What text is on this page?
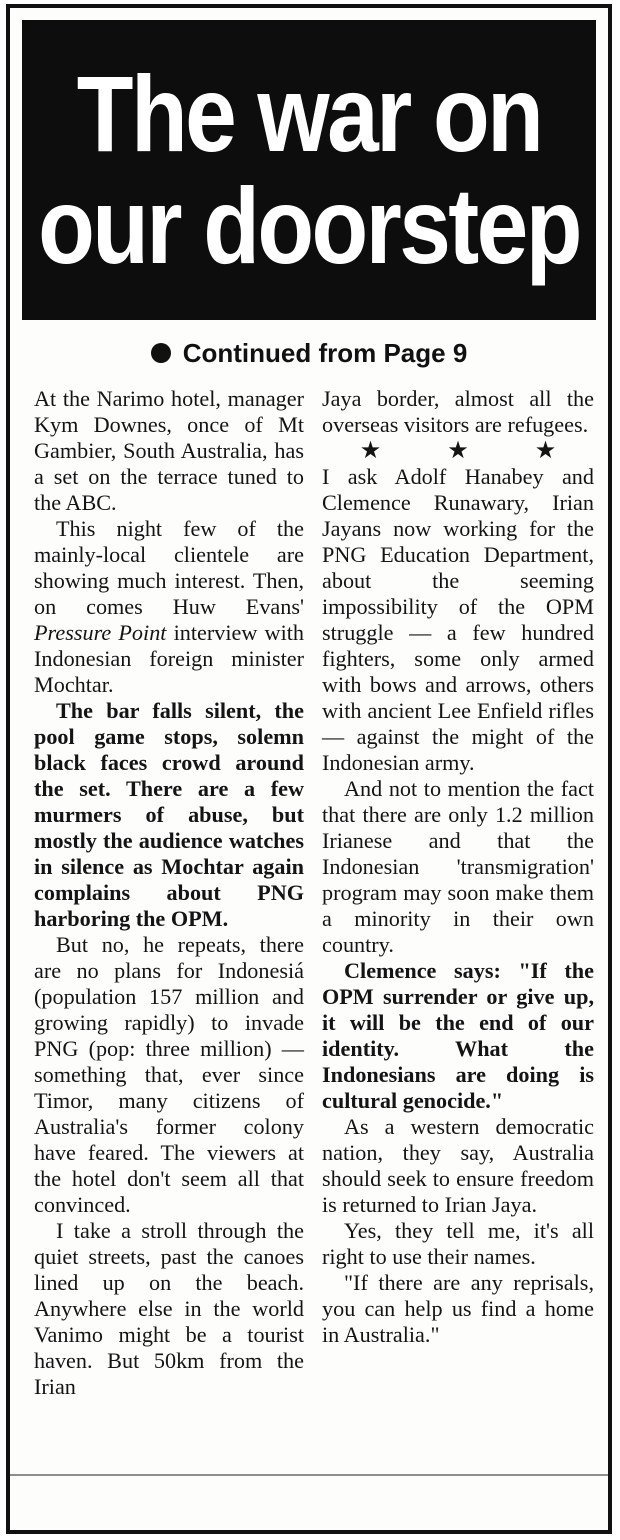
The war on
our doorstep
Continued from Page 9

At the Narimo hotel, manager Kym Downes, once of Mt Gambier, South Australia, has a set on the terrace tuned to the ABC.

This night few of the mainly-local clientele are showing much interest. Then, on comes Huw Evans' Pressure Point interview with Indonesian foreign minister Mochtar.

The bar falls silent, the pool game stops, solemn black faces crowd around the set. There are a few murmers of abuse, but mostly the audience watches in silence as Mochtar again complains about PNG harboring the OPM.

But no, he repeats, there are no plans for Indonesiá (population 157 million and growing rapidly) to invade PNG (pop: three million) — something that, ever since Timor, many citizens of Australia's former colony have feared. The viewers at the hotel don't seem all that convinced.

I take a stroll through the quiet streets, past the canoes lined up on the beach. Anywhere else in the world Vanimo might be a tourist haven. But 50km from the Irian

Jaya border, almost all the overseas visitors are refugees.

★ ★ ★

I ask Adolf Hanabey and Clemence Runawary, Irian Jayans now working for the PNG Education Department, about the seeming impossibility of the OPM struggle — a few hundred fighters, some only armed with bows and arrows, others with ancient Lee Enfield rifles — against the might of the Indonesian army.

And not to mention the fact that there are only 1.2 million Irianese and that the Indonesian 'transmigration' program may soon make them a minority in their own country.

Clemence says: "If the OPM surrender or give up, it will be the end of our identity. What the Indonesians are doing is cultural genocide."

As a western democratic nation, they say, Australia should seek to ensure freedom is returned to Irian Jaya.

Yes, they tell me, it's all right to use their names.

"If there are any reprisals, you can help us find a home in Australia."
